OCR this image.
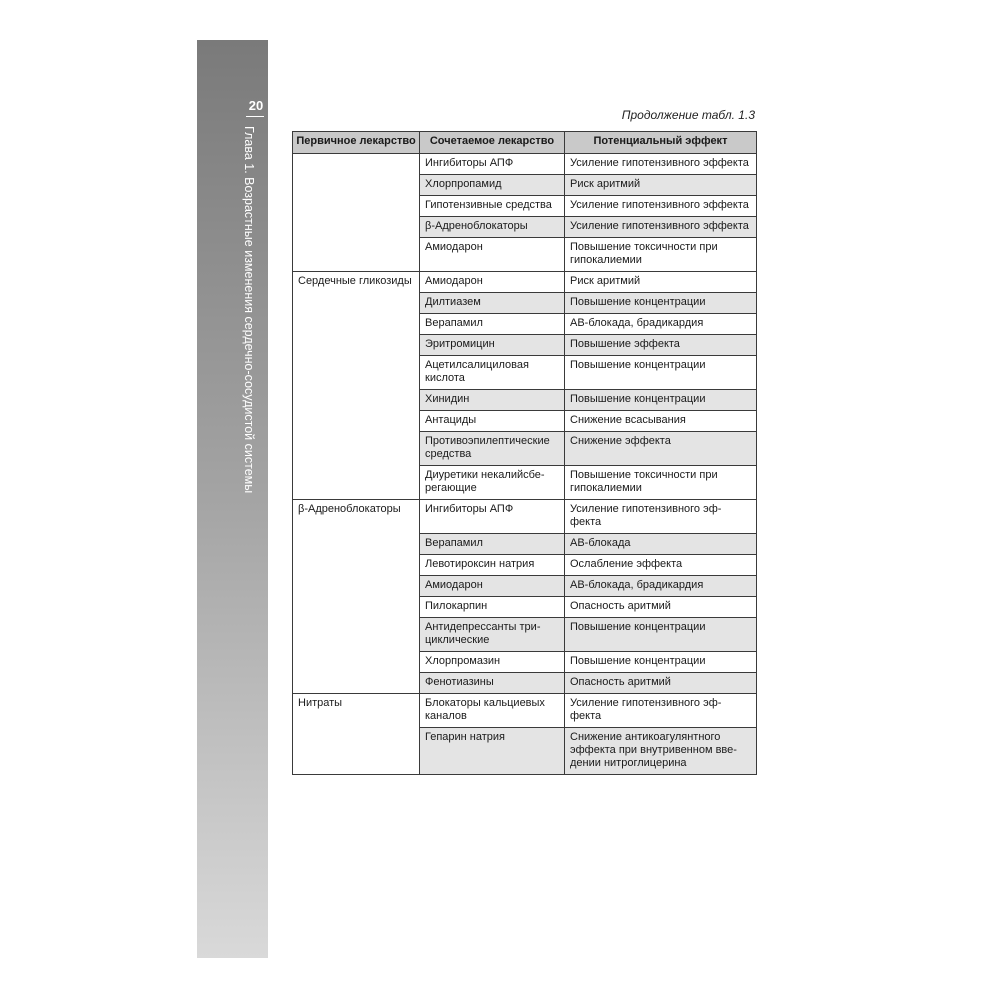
20
Глава 1. Возрастные изменения сердечно-сосудистой системы
Продолжение табл. 1.3
Первичное лекарство	Сочетаемое лекарство	Потенциальный эффект
	Ингибиторы АПФ	Усиление гипотензивного эффекта
	Хлорпропамид	Риск аритмий
	Гипотензивные средства	Усиление гипотензивного эффекта
	β-Адреноблокаторы	Усиление гипотензивного эффекта
	Амиодарон	Повышение токсичности при гипокалиемии
Сердечные гликозиды	Амиодарон	Риск аритмий
	Дилтиазем	Повышение концентрации
	Верапамил	АВ-блокада, брадикардия
	Эритромицин	Повышение эффекта
	Ацетилсалициловая кислота	Повышение концентрации
	Хинидин	Повышение концентрации
	Антациды	Снижение всасывания
	Противоэпилептические средства	Снижение эффекта
	Диуретики некалийсбе-регающие	Повышение токсичности при гипокалиемии
β-Адреноблокаторы	Ингибиторы АПФ	Усиление гипотензивного эф-фекта
	Верапамил	АВ-блокада
	Левотироксин натрия	Ослабление эффекта
	Амиодарон	АВ-блокада, брадикардия
	Пилокарпин	Опасность аритмий
	Антидепрессанты три-циклические	Повышение концентрации
	Хлорпромазин	Повышение концентрации
	Фенотиазины	Опасность аритмий
Нитраты	Блокаторы кальциевых каналов	Усиление гипотензивного эф-фекта
	Гепарин натрия	Снижение антикоагулянтного эффекта при внутривенном вве-дении нитроглицерина
